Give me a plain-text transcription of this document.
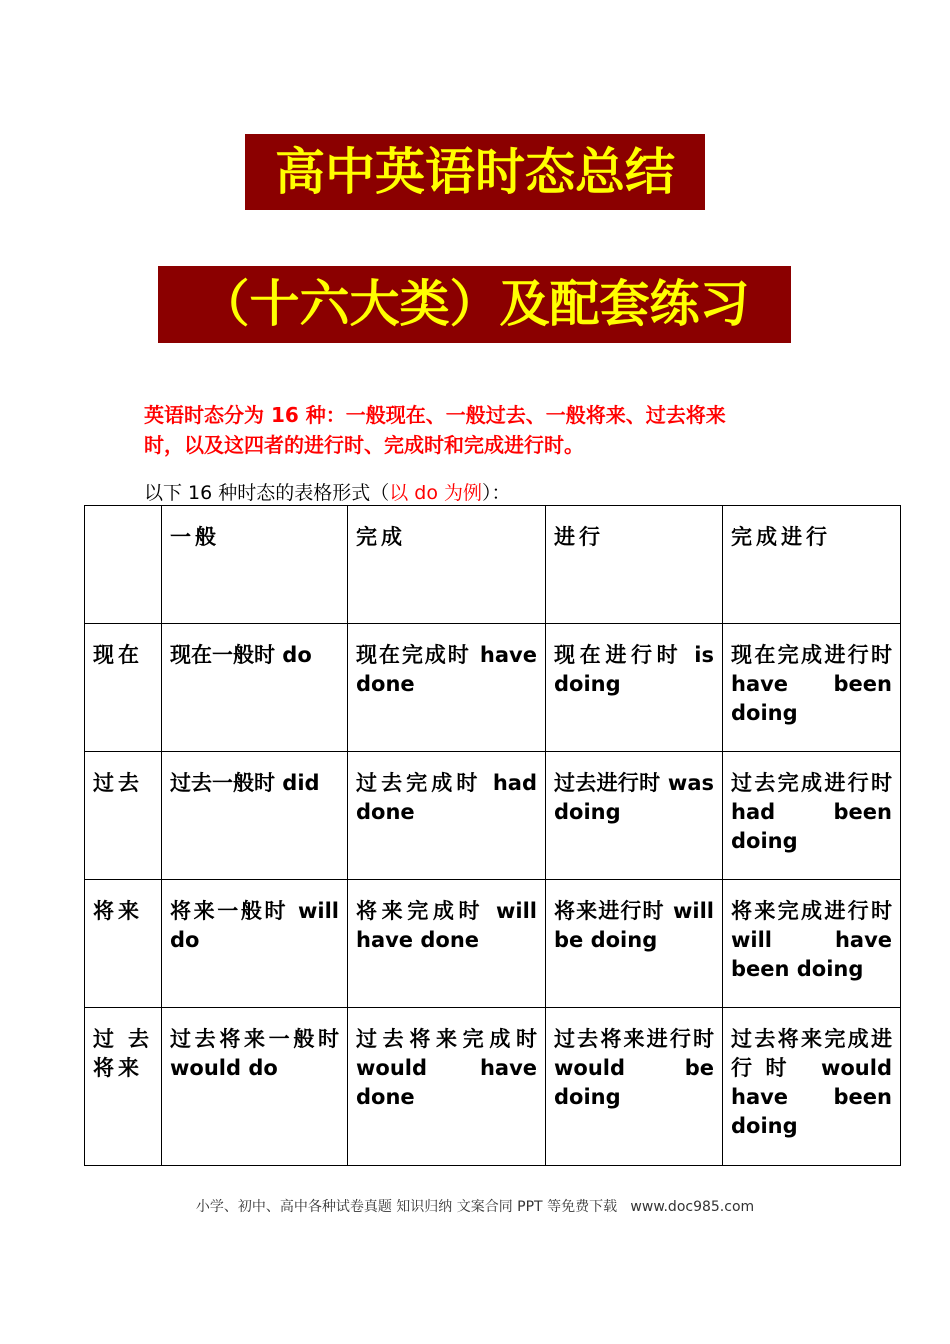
高中英语时态总结
（十六大类）及配套练习
英语时态分为 16 种：一般现在、一般过去、一般将来、过去将来
时，以及这四者的进行时、完成时和完成进行时。
以下 16 种时态的表格形式（以 do 为例）：
	一般	完成	进行	完成进行
现在	现在一般时 do	现在完成时 have done	现在进行时 is doing	现在完成进行时 have been doing
过去	过去一般时 did	过去完成时 had done	过去进行时 was doing	过去完成进行时 had been doing
将来	将来一般时 will do	将来完成时 will have done	将来进行时 will be doing	将来完成进行时 will have been doing
过去将来	过去将来一般时 would do	过去将来完成时 would have done	过去将来进行时 would be doing	过去将来完成进行时 would have been doing
小学、初中、高中各种试卷真题 知识归纳 文案合同 PPT 等免费下载   www.doc985.com
